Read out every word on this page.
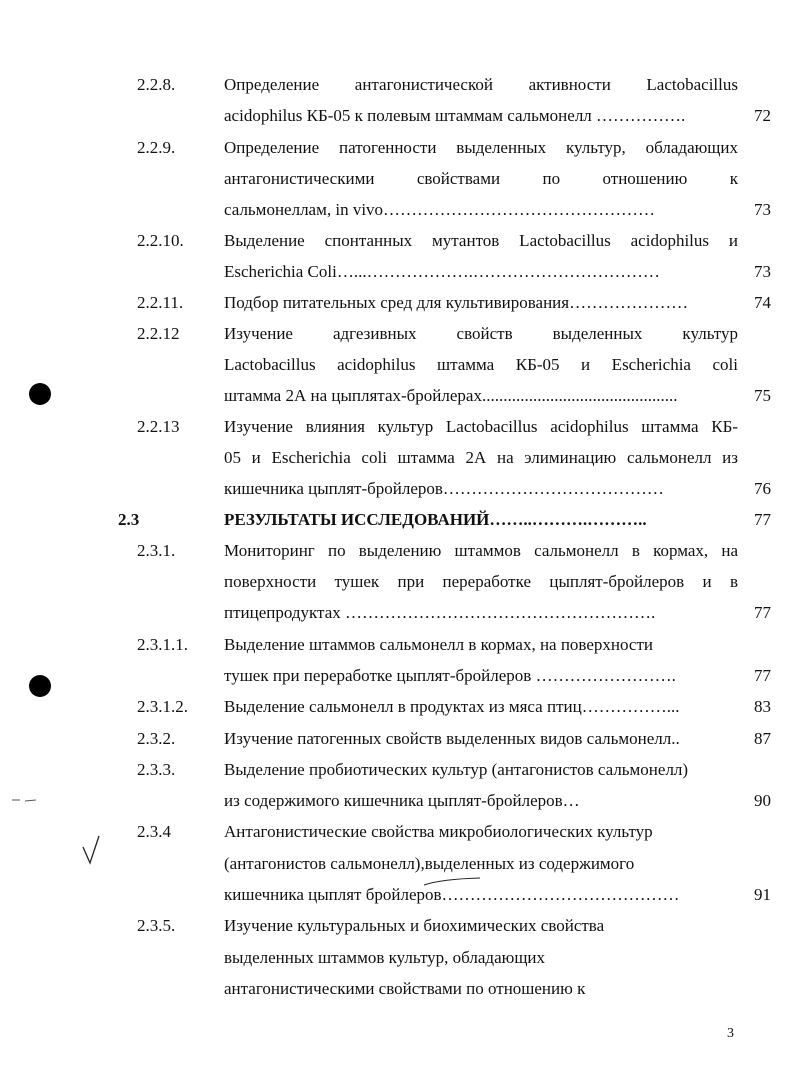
2.2.8.	Определение антагонистической активности Lactobacillus
acidophilus КБ-05 к полевым штаммам сальмонелл …………….	72
2.2.9.	Определение патогенности выделенных культур, обладающих
антагонистическими свойствами по отношению к
сальмонеллам, in vivo…………………………………………	73
2.2.10. Выделение спонтанных мутантов Lactobacillus acidophilus и
Escherichia Coli…...……………….……………………………	73
2.2.11. Подбор питательных сред для культивирования…………………	74
2.2.12	Изучение адгезивных свойств выделенных культур
Lactobacillus acidophilus штамма КБ-05 и Escherichia coli
штамма 2А на цыплятах-бройлерах..............................................	75
2.2.13	Изучение влияния культур Lactobacillus acidophilus штамма КБ-
05 и Escherichia coli штамма 2А на элиминацию сальмонелл из
кишечника цыплят-бройлеров…………………………………	76
2.3	РЕЗУЛЬТАТЫ ИССЛЕДОВАНИЙ……..……….………..	77
2.3.1.	Мониторинг по выделению штаммов сальмонелл в кормах, на
поверхности тушек при переработке цыплят-бройлеров и в
птицепродуктах ……………………………………………….	77
2.3.1.1. Выделение штаммов сальмонелл в кормах, на поверхности
тушек при переработке цыплят-бройлеров …………………….	77
2.3.1.2. Выделение сальмонелл в продуктах из мяса птиц……………...	83
2.3.2.	Изучение патогенных свойств выделенных видов сальмонелл..	87
2.3.3.	Выделение пробиотических культур (антагонистов сальмонелл)
из содержимого кишечника цыплят-бройлеров…	90
2.3.4	Антагонистические свойства микробиологических культур
(антагонистов сальмонелл),выделенных из содержимого
кишечника цыплят бройлеров……………………………………	91
2.3.5.	Изучение культуральных и биохимических свойства
выделенных штаммов культур, обладающих
антагонистическими свойствами по отношению к
3
